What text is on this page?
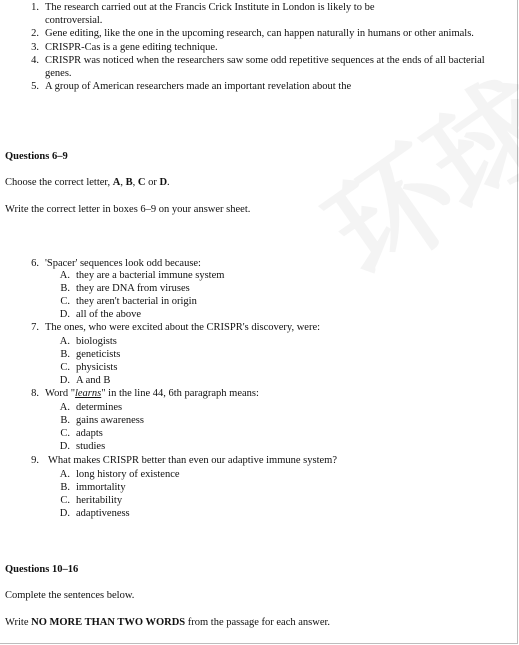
1. The research carried out at the Francis Crick Institute in London is likely to be controversial.
2. Gene editing, like the one in the upcoming research, can happen naturally in humans or other animals.
3. CRISPR-Cas is a gene editing technique.
4. CRISPR was noticed when the researchers saw some odd repetitive sequences at the ends of all bacterial genes.
5. A group of American researchers made an important revelation about the
Questions 6–9
Choose the correct letter, A, B, C or D.
Write the correct letter in boxes 6–9 on your answer sheet.
6. 'Spacer' sequences look odd because:
A. they are a bacterial immune system
B. they are DNA from viruses
C. they aren't bacterial in origin
D. all of the above
7. The ones, who were excited about the CRISPR's discovery, were:
A. biologists
B. geneticists
C. physicists
D. A and B
8. Word "learns" in the line 44, 6th paragraph means:
A. determines
B. gains awareness
C. adapts
D. studies
9. What makes CRISPR better than even our adaptive immune system?
A. long history of existence
B. immortality
C. heritability
D. adaptiveness
Questions 10–16
Complete the sentences below.
Write NO MORE THAN TWO WORDS from the passage for each answer.
